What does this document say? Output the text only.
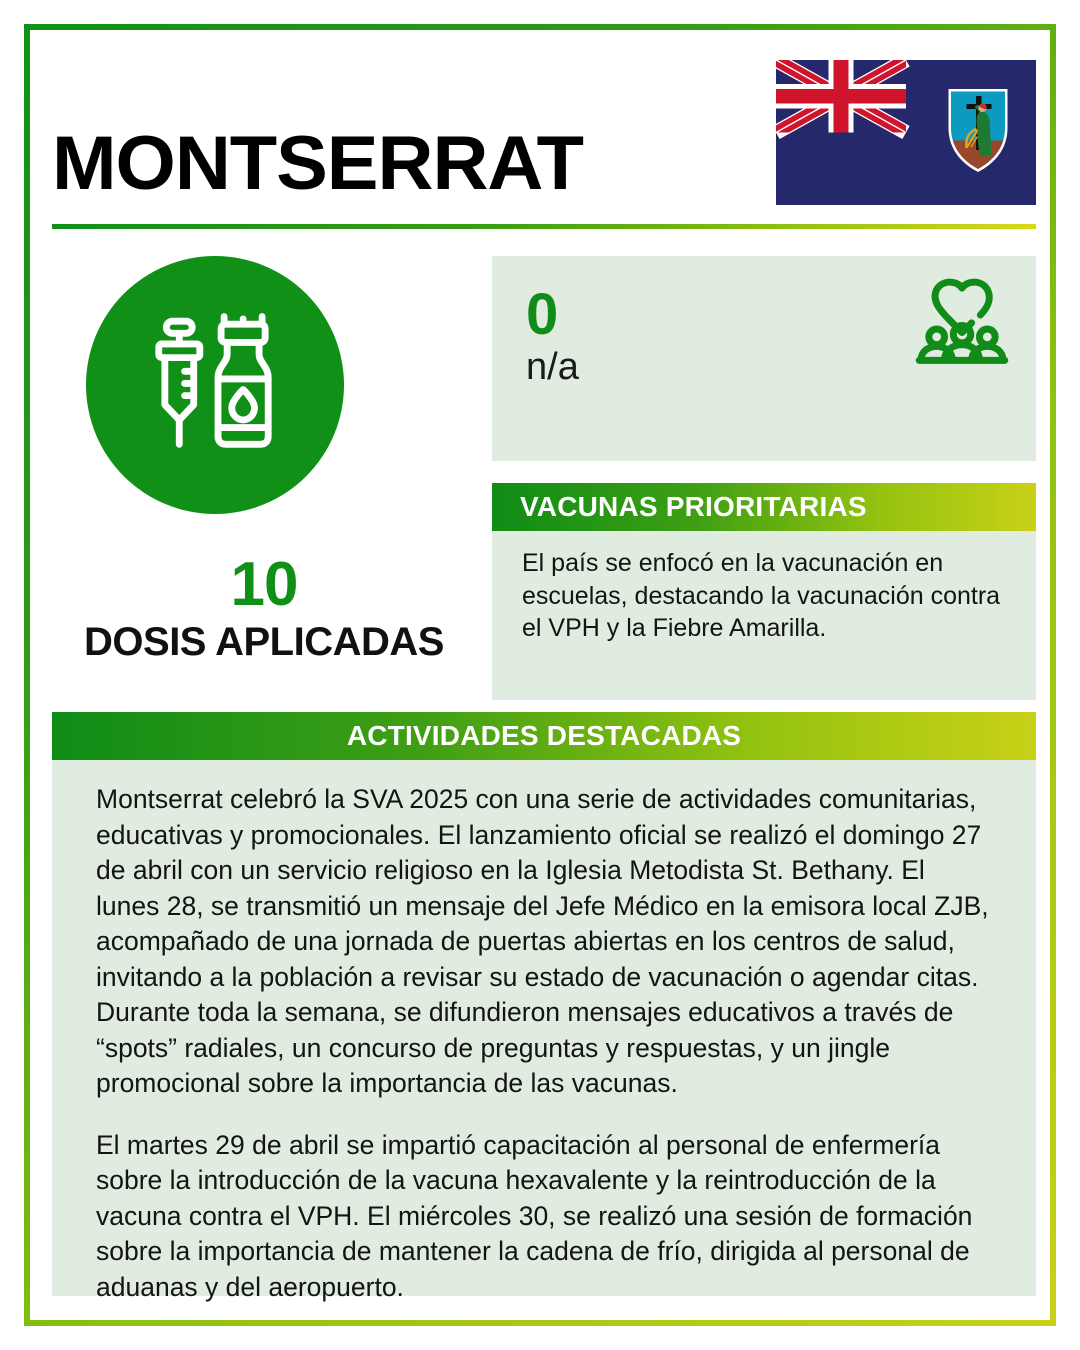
MONTSERRAT
10
DOSIS APLICADAS
0
n/a
VACUNAS PRIORITARIAS
El país se enfocó en la vacunación en escuelas, destacando la vacunación contra el VPH y la Fiebre Amarilla.
ACTIVIDADES DESTACADAS

Montserrat celebró la SVA 2025 con una serie de actividades comunitarias, educativas y promocionales. El lanzamiento oficial se realizó el domingo 27 de abril con un servicio religioso en la Iglesia Metodista St. Bethany. El lunes 28, se transmitió un mensaje del Jefe Médico en la emisora local ZJB, acompañado de una jornada de puertas abiertas en los centros de salud, invitando a la población a revisar su estado de vacunación o agendar citas. Durante toda la semana, se difundieron mensajes educativos a través de “spots” radiales, un concurso de preguntas y respuestas, y un jingle promocional sobre la importancia de las vacunas.

El martes 29 de abril se impartió capacitación al personal de enfermería sobre la introducción de la vacuna hexavalente y la reintroducción de la vacuna contra el VPH. El miércoles 30, se realizó una sesión de formación sobre la importancia de mantener la cadena de frío, dirigida al personal de aduanas y del aeropuerto.
